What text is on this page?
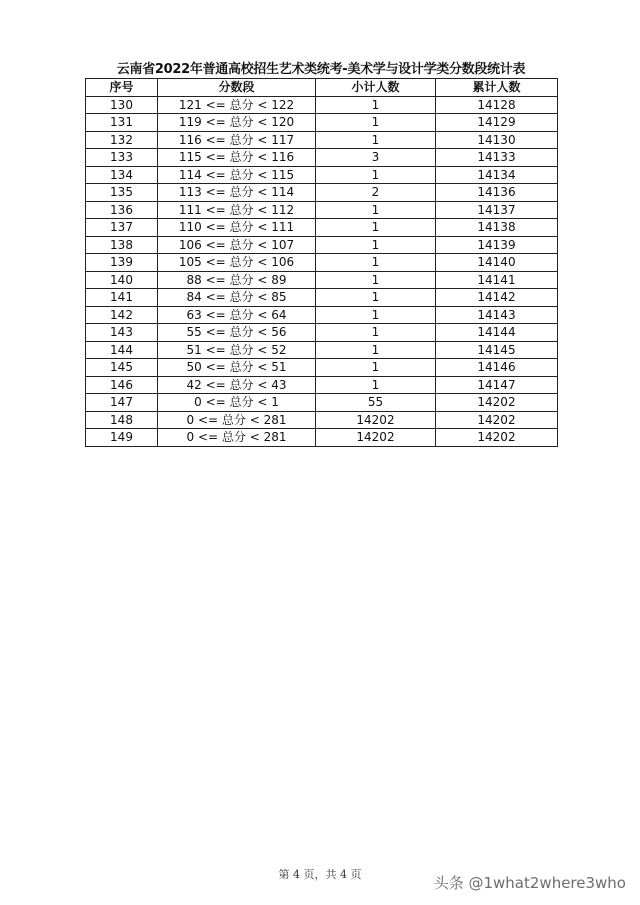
云南省2022年普通高校招生艺术类统考-美术学与设计学类分数段统计表
序号	分数段	小计人数	累计人数
130	121 <= 总分 < 122	1	14128
131	119 <= 总分 < 120	1	14129
132	116 <= 总分 < 117	1	14130
133	115 <= 总分 < 116	3	14133
134	114 <= 总分 < 115	1	14134
135	113 <= 总分 < 114	2	14136
136	111 <= 总分 < 112	1	14137
137	110 <= 总分 < 111	1	14138
138	106 <= 总分 < 107	1	14139
139	105 <= 总分 < 106	1	14140
140	88 <= 总分 < 89	1	14141
141	84 <= 总分 < 85	1	14142
142	63 <= 总分 < 64	1	14143
143	55 <= 总分 < 56	1	14144
144	51 <= 总分 < 52	1	14145
145	50 <= 总分 < 51	1	14146
146	42 <= 总分 < 43	1	14147
147	0 <= 总分 < 1	55	14202
148	0 <= 总分 < 281	14202	14202
149	0 <= 总分 < 281	14202	14202
第 4 页，共 4 页	头条 @1what2where3who
